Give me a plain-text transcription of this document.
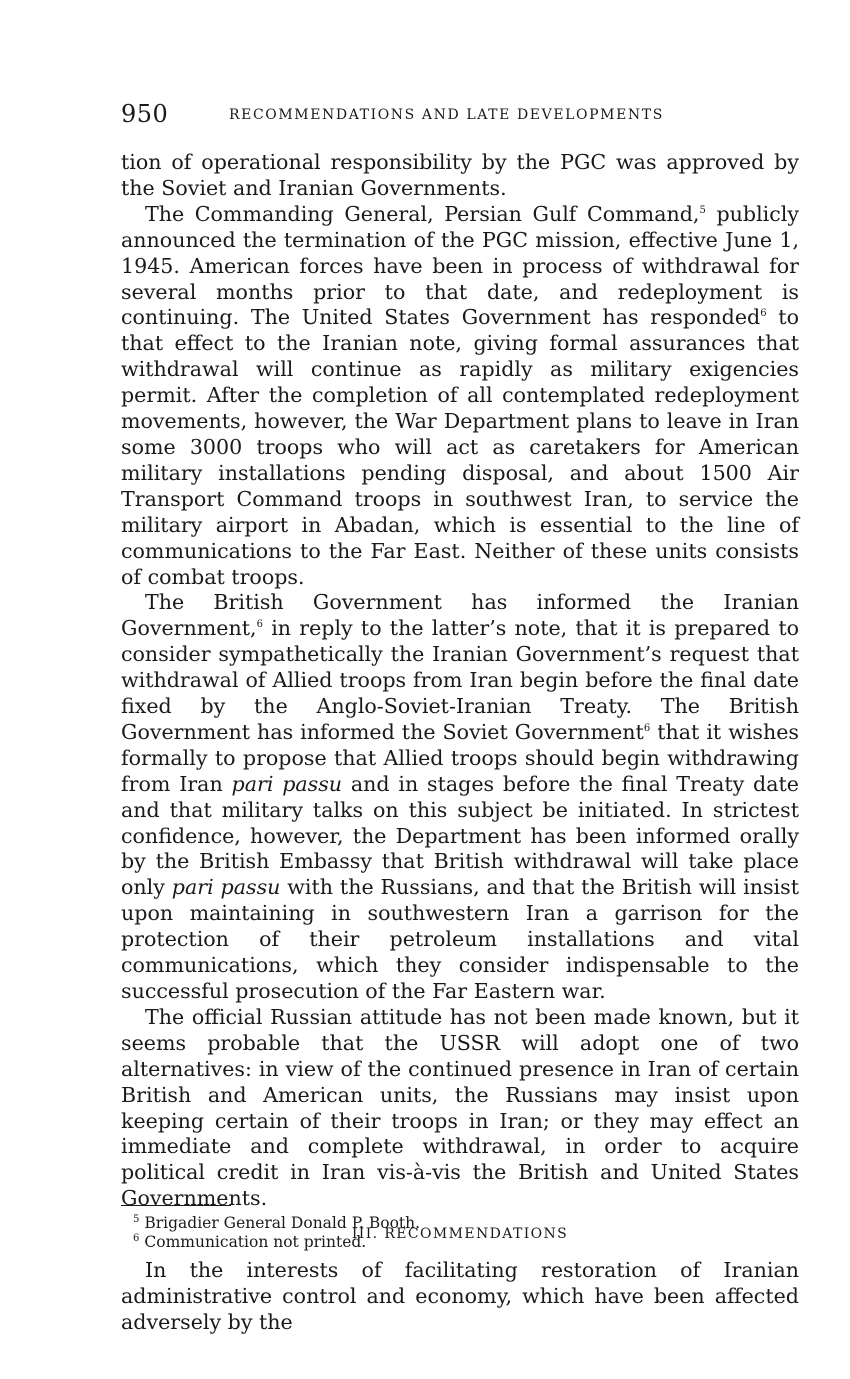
950	RECOMMENDATIONS AND LATE DEVELOPMENTS

tion of operational responsibility by the PGC was approved by the Soviet and Iranian Governments.

The Commanding General, Persian Gulf Command,$^5$ publicly announced the termination of the PGC mission, effective June 1, 1945. American forces have been in process of withdrawal for several months prior to that date, and redeployment is continuing. The United States Government has responded$^6$ to that effect to the Iranian note, giving formal assurances that withdrawal will continue as rapidly as military exigencies permit. After the completion of all contemplated redeployment movements, however, the War Department plans to leave in Iran some 3000 troops who will act as caretakers for American military installations pending disposal, and about 1500 Air Transport Command troops in southwest Iran, to service the military airport in Abadan, which is essential to the line of communications to the Far East. Neither of these units consists of combat troops.

The British Government has informed the Iranian Government,$^6$ in reply to the latter’s note, that it is prepared to consider sympathetically the Iranian Government’s request that withdrawal of Allied troops from Iran begin before the final date fixed by the Anglo-Soviet-Iranian Treaty. The British Government has informed the Soviet Government$^6$ that it wishes formally to propose that Allied troops should begin withdrawing from Iran pari passu and in stages before the final Treaty date and that military talks on this subject be initiated. In strictest confidence, however, the Department has been informed orally by the British Embassy that British withdrawal will take place only pari passu with the Russians, and that the British will insist upon maintaining in southwestern Iran a garrison for the protection of their petroleum installations and vital communications, which they consider indispensable to the successful prosecution of the Far Eastern war.

The official Russian attitude has not been made known, but it seems probable that the USSR will adopt one of two alternatives: in view of the continued presence in Iran of certain British and American units, the Russians may insist upon keeping certain of their troops in Iran; or they may effect an immediate and complete withdrawal, in order to acquire political credit in Iran vis-à-vis the British and United States Governments.

III. RECOMMENDATIONS

In the interests of facilitating restoration of Iranian administrative control and economy, which have been affected adversely by the

$^5$ Brigadier General Donald P. Booth.
$^6$ Communication not printed.
